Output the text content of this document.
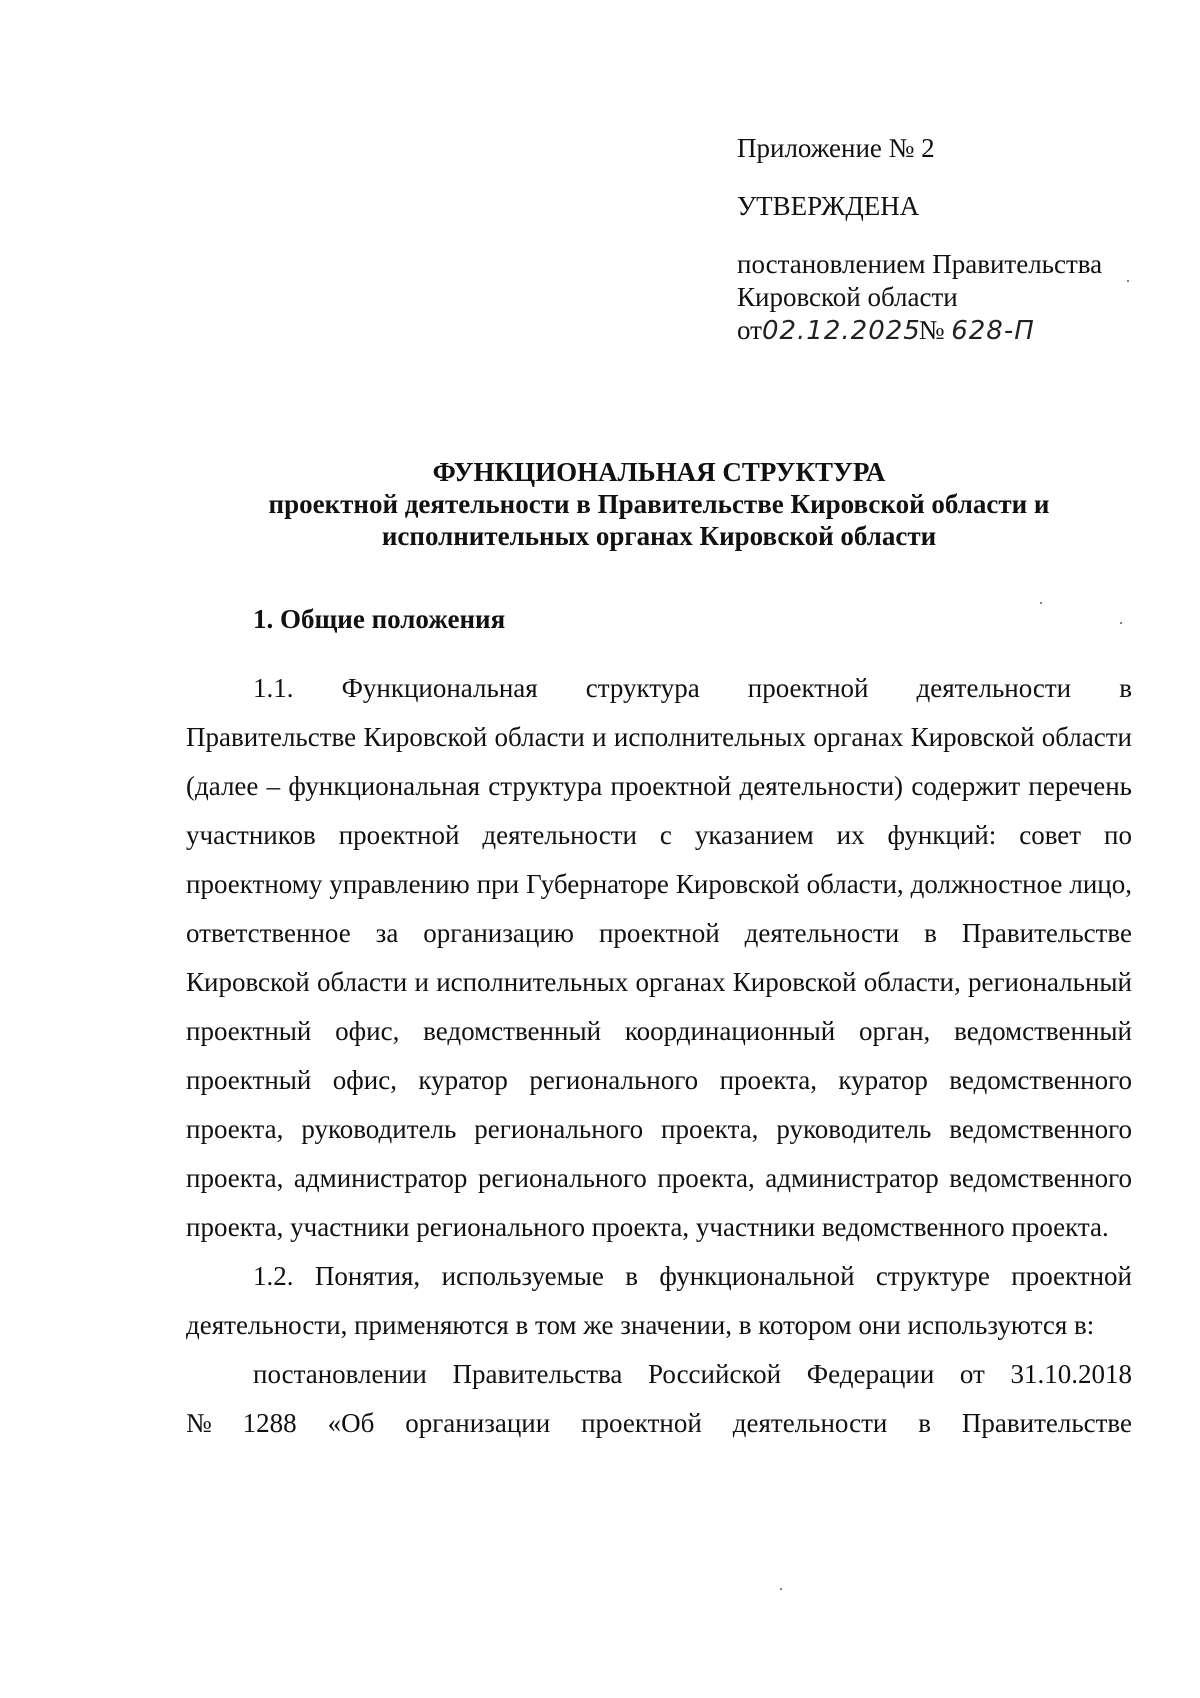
Приложение № 2
УТВЕРЖДЕНА
постановлением Правительства
Кировской области
от02.12.2025 № 628-П
ФУНКЦИОНАЛЬНАЯ СТРУКТУРА
проектной деятельности в Правительстве Кировской области и
исполнительных органах Кировской области
1. Общие положения

1.1. Функциональная структура проектной деятельности в

Правительстве Кировской области и исполнительных органах Кировской области (далее – функциональная структура проектной деятельности) содержит перечень участников проектной деятельности с указанием их функций: совет по проектному управлению при Губернаторе Кировской области, должностное лицо, ответственное за организацию проектной деятельности в Правительстве Кировской области и исполнительных органах Кировской области, региональный проектный офис, ведомственный координационный орган, ведомственный проектный офис, куратор регионального проекта, куратор ведомственного проекта, руководитель регионального проекта, руководитель ведомственного проекта, администратор регионального проекта, администратор ведомственного проекта, участники регионального проекта, участники ведомственного проекта.

1.2. Понятия, используемые в функциональной структуре проектной деятельности, применяются в том же значении, в котором они используются в:

постановлении Правительства Российской Федерации от 31.10.2018

№ 1288 «Об организации проектной деятельности в Правительстве
